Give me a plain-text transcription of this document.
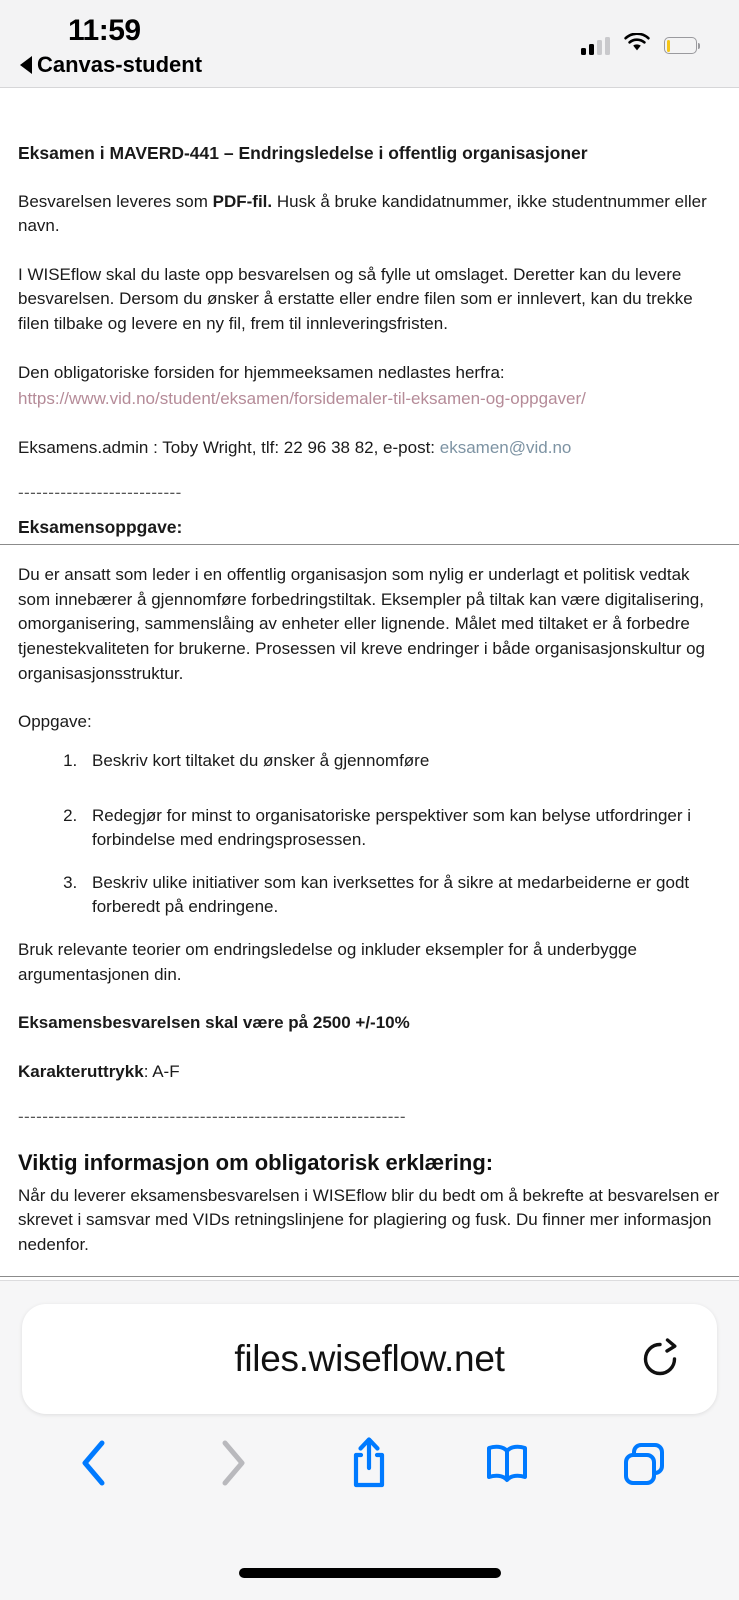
11:59
Canvas-student
Eksamen i MAVERD-441 – Endringsledelse i offentlig organisasjoner

Besvarelsen leveres som PDF-fil. Husk å bruke kandidatnummer, ikke studentnummer eller navn.

I WISEflow skal du laste opp besvarelsen og så fylle ut omslaget. Deretter kan du levere besvarelsen. Dersom du ønsker å erstatte eller endre filen som er innlevert, kan du trekke filen tilbake og levere en ny fil, frem til innleveringsfristen.

Den obligatoriske forsiden for hjemmeeksamen nedlastes herfra:

https://www.vid.no/student/eksamen/forsidemaler-til-eksamen-og-oppgaver/

Eksamens.admin : Toby Wright, tlf: 22 96 38 82, e-post: eksamen@vid.no

---------------------------

Eksamensoppgave:

Du er ansatt som leder i en offentlig organisasjon som nylig er underlagt et politisk vedtak som innebærer å gjennomføre forbedringstiltak. Eksempler på tiltak kan være digitalisering, omorganisering, sammenslåing av enheter eller lignende. Målet med tiltaket er å forbedre tjenestekvaliteten for brukerne. Prosessen vil kreve endringer i både organisasjonskultur og organisasjonsstruktur.

Oppgave:

1. Beskriv kort tiltaket du ønsker å gjennomføre
2. Redegjør for minst to organisatoriske perspektiver som kan belyse utfordringer i forbindelse med endringsprosessen.
3. Beskriv ulike initiativer som kan iverksettes for å sikre at medarbeiderne er godt forberedt på endringene.

Bruk relevante teorier om endringsledelse og inkluder eksempler for å underbygge argumentasjonen din.

Eksamensbesvarelsen skal være på 2500 +/-10%

Karakteruttrykk: A-F

----------------------------------------------------------------

Viktig informasjon om obligatorisk erklæring:

Når du leverer eksamensbesvarelsen i WISEflow blir du bedt om å bekrefte at besvarelsen er skrevet i samsvar med VIDs retningslinjene for plagiering og fusk. Du finner mer informasjon nedenfor.

files.wiseflow.net
